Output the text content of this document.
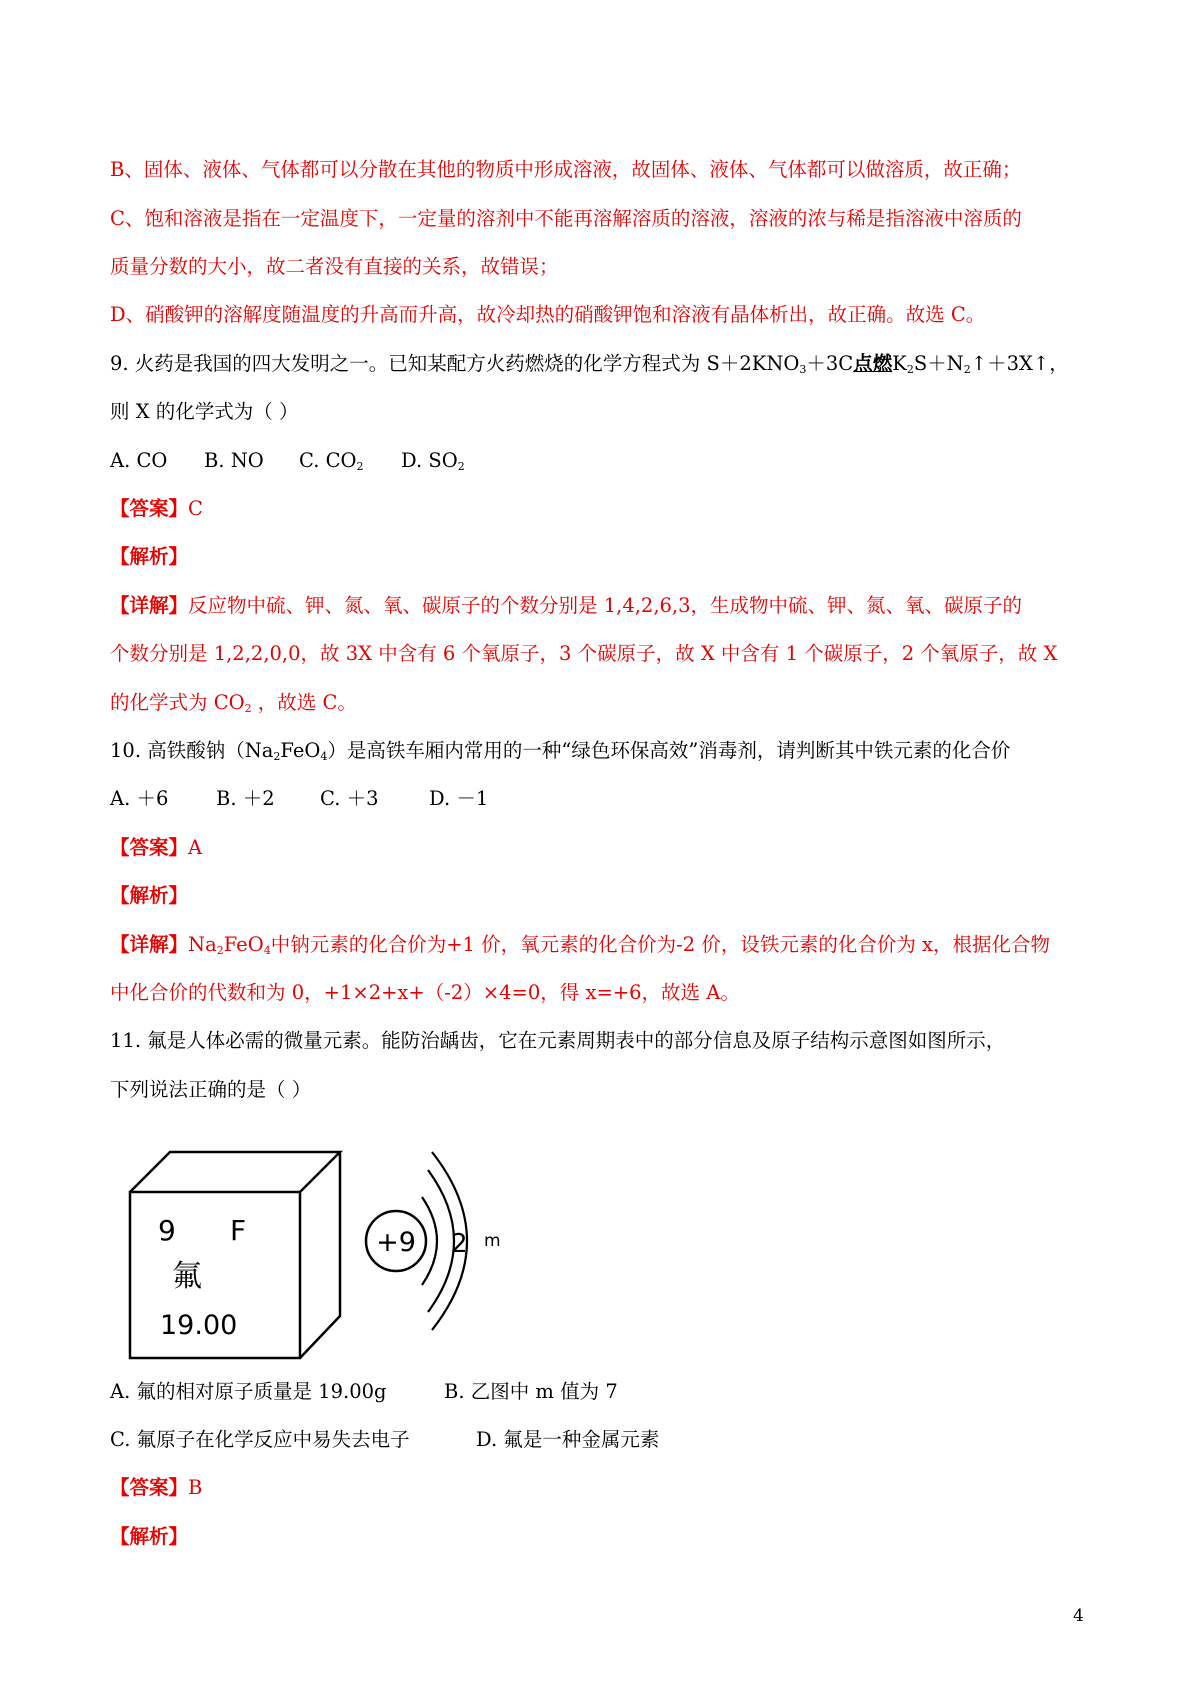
B、固体、液体、气体都可以分散在其他的物质中形成溶液，故固体、液体、气体都可以做溶质，故正确；
C、饱和溶液是指在一定温度下，一定量的溶剂中不能再溶解溶质的溶液，溶液的浓与稀是指溶液中溶质的
质量分数的大小，故二者没有直接的关系，故错误；
D、硝酸钾的溶解度随温度的升高而升高，故冷却热的硝酸钾饱和溶液有晶体析出，故正确。故选 C。
9. 火药是我国的四大发明之一。已知某配方火药燃烧的化学方程式为 $S+2KNO_3+3C$点燃$K_2S+N_2↑+3X↑$，
则 X 的化学式为（ ）
A. CO B. NO C. $CO_2$ D. $SO_2$
【答案】C
【解析】
【详解】反应物中硫、钾、氮、氧、碳原子的个数分别是 1,4,2,6,3，生成物中硫、钾、氮、氧、碳原子的
个数分别是 1,2,2,0,0，故 3X 中含有 6 个氧原子，3 个碳原子，故 X 中含有 1 个碳原子，2 个氧原子，故 X
的化学式为 $CO_2$ ，故选 C。
10. 高铁酸钠$(Na_2FeO_4)$是高铁车厢内常用的一种“绿色环保高效”消毒剂，请判断其中铁元素的化合价
A. ＋6 B. ＋2 C. ＋3	D. －1
【答案】A
【解析】
【详解】$Na_2FeO_4$中钠元素的化合价为+1 价，氧元素的化合价为-2 价，设铁元素的化合价为 x，根据化合物
中化合价的代数和为 0，+1×2+x+（-2）×4=0，得 x=+6，故选 A。
11. 氟是人体必需的微量元素。能防治龋齿，它在元素周期表中的部分信息及原子结构示意图如图所示，
下列说法正确的是（ ）
9 F
氟
19.00
+9 2 m
A. 氟的相对原子质量是 19.00g	B. 乙图中 m 值为 7
C. 氟原子在化学反应中易失去电子	D. 氟是一种金属元素
【答案】B
【解析】
4
